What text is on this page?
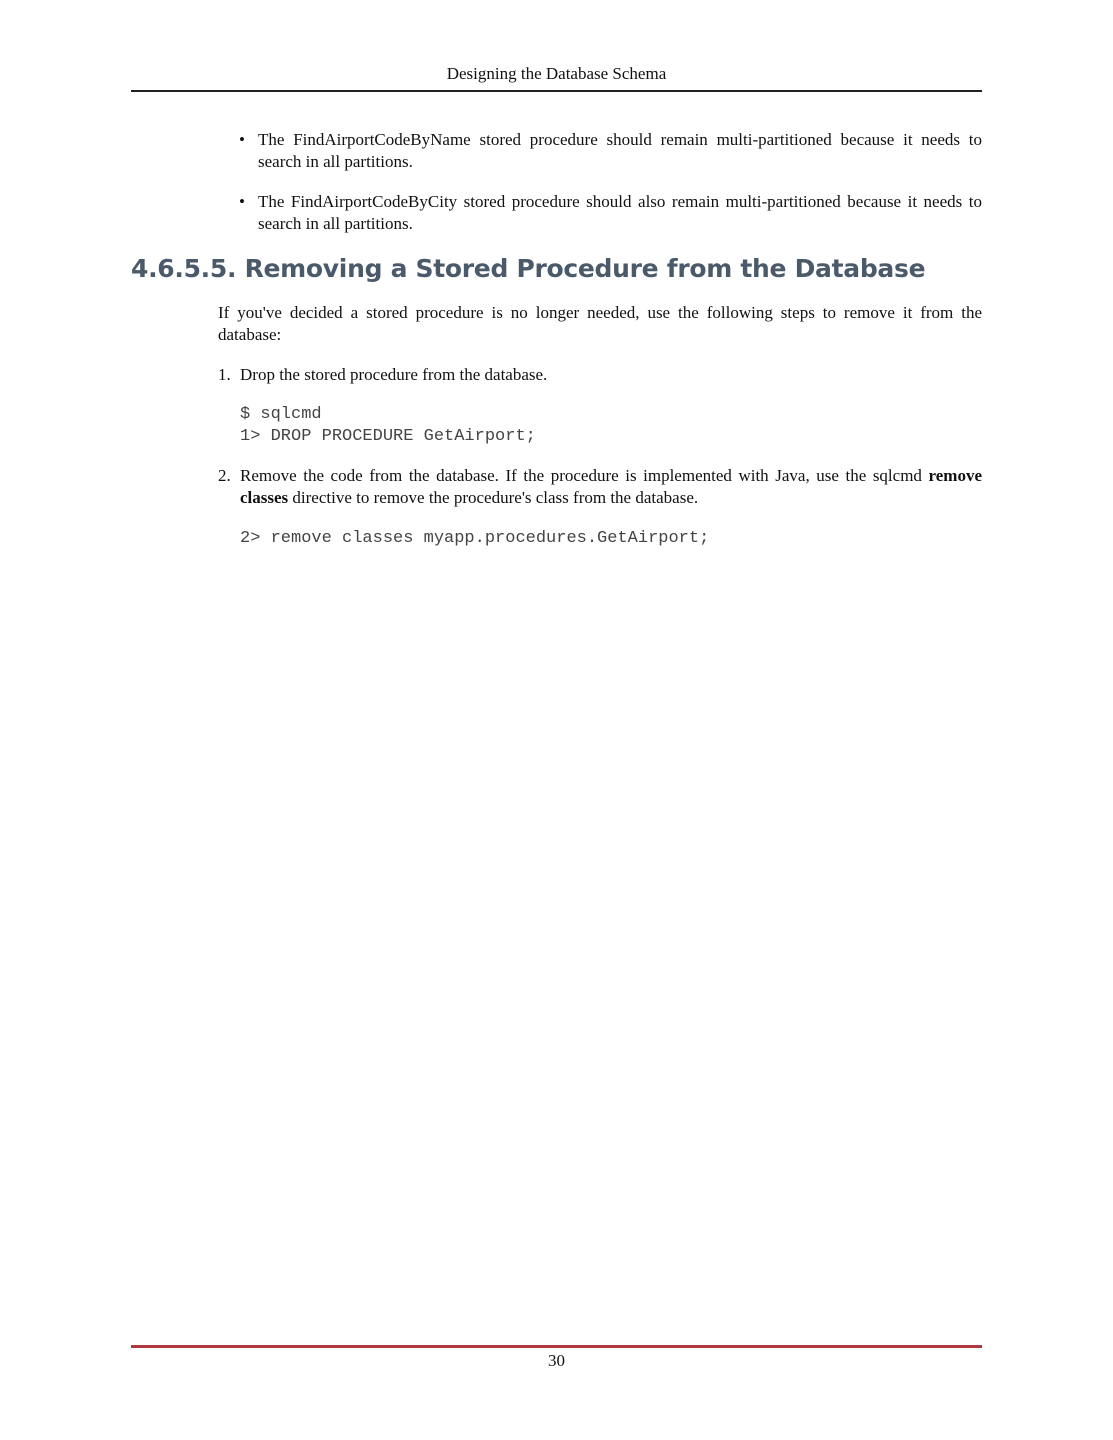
Designing the Database Schema
• The FindAirportCodeByName stored procedure should remain multi-partitioned because it needs to search in all partitions.
• The FindAirportCodeByCity stored procedure should also remain multi-partitioned because it needs to search in all partitions.
4.6.5.5. Removing a Stored Procedure from the Database

If you've decided a stored procedure is no longer needed, use the following steps to remove it from the database:

1. Drop the stored procedure from the database.
$ sqlcmd
1> DROP PROCEDURE GetAirport;
2. Remove the code from the database. If the procedure is implemented with Java, use the sqlcmd remove classes directive to remove the procedure's class from the database.
2> remove classes myapp.procedures.GetAirport;
30
